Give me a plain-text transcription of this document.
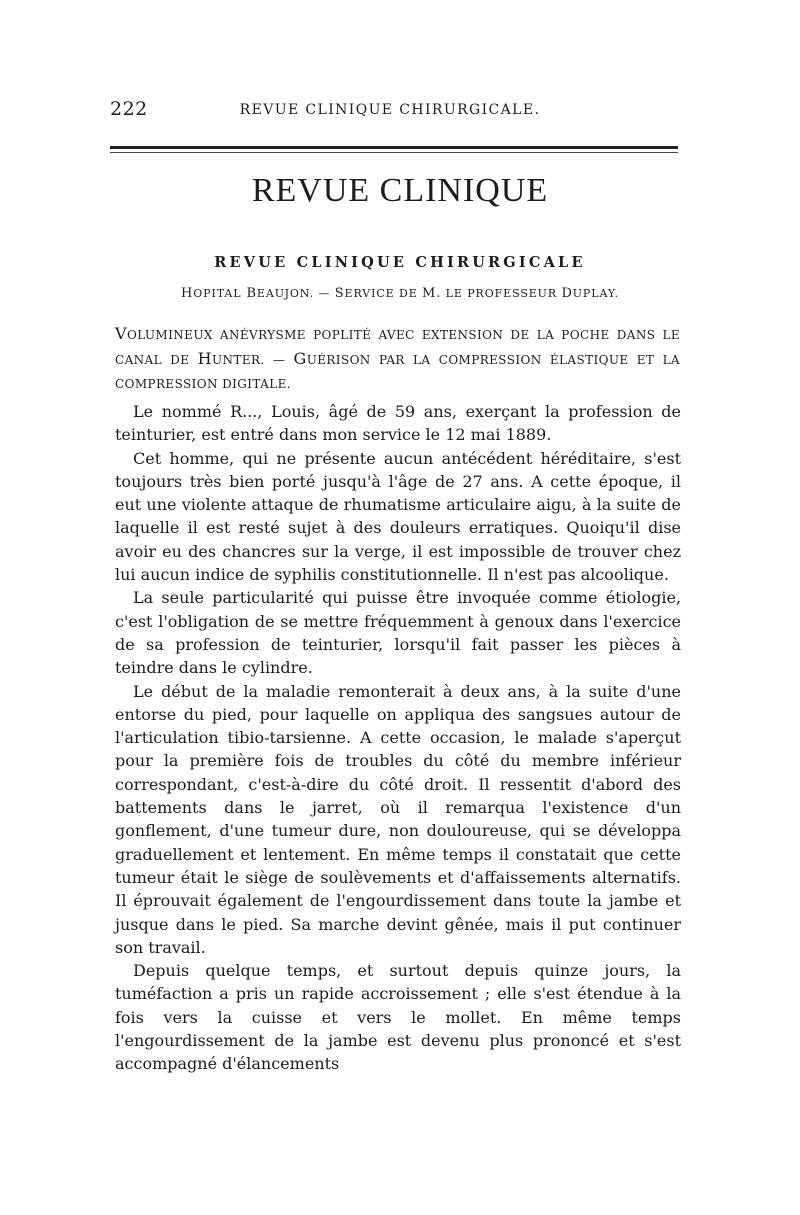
222	REVUE CLINIQUE CHIRURGICALE.
REVUE CLINIQUE
REVUE CLINIQUE CHIRURGICALE
HOPITAL BEAUJON. — SERVICE DE M. LE PROFESSEUR DUPLAY.
VOLUMINEUX ANÉVRYSME POPLITÉ AVEC EXTENSION DE LA POCHE DANS LE CANAL DE HUNTER. — GUÉRISON PAR LA COMPRESSION ÉLASTIQUE ET LA COMPRESSION DIGITALE.

Le nommé R..., Louis, âgé de 59 ans, exerçant la profession de teinturier, est entré dans mon service le 12 mai 1889.

Cet homme, qui ne présente aucun antécédent héréditaire, s'est toujours très bien porté jusqu'à l'âge de 27 ans. A cette époque, il eut une violente attaque de rhumatisme articulaire aigu, à la suite de laquelle il est resté sujet à des douleurs erratiques. Quoiqu'il dise avoir eu des chancres sur la verge, il est impossible de trouver chez lui aucun indice de syphilis constitutionnelle. Il n'est pas alcoolique.

La seule particularité qui puisse être invoquée comme étiologie, c'est l'obligation de se mettre fréquemment à genoux dans l'exercice de sa profession de teinturier, lorsqu'il fait passer les pièces à teindre dans le cylindre.

Le début de la maladie remonterait à deux ans, à la suite d'une entorse du pied, pour laquelle on appliqua des sangsues autour de l'articulation tibio-tarsienne. A cette occasion, le malade s'aperçut pour la première fois de troubles du côté du membre inférieur correspondant, c'est-à-dire du côté droit. Il ressentit d'abord des battements dans le jarret, où il remarqua l'existence d'un gonflement, d'une tumeur dure, non douloureuse, qui se développa graduellement et lentement. En même temps il constatait que cette tumeur était le siège de soulèvements et d'affaissements alternatifs. Il éprouvait également de l'engourdissement dans toute la jambe et jusque dans le pied. Sa marche devint gênée, mais il put continuer son travail.

Depuis quelque temps, et surtout depuis quinze jours, la tuméfaction a pris un rapide accroissement ; elle s'est étendue à la fois vers la cuisse et vers le mollet. En même temps l'engourdissement de la jambe est devenu plus prononcé et s'est accompagné d'élancements
